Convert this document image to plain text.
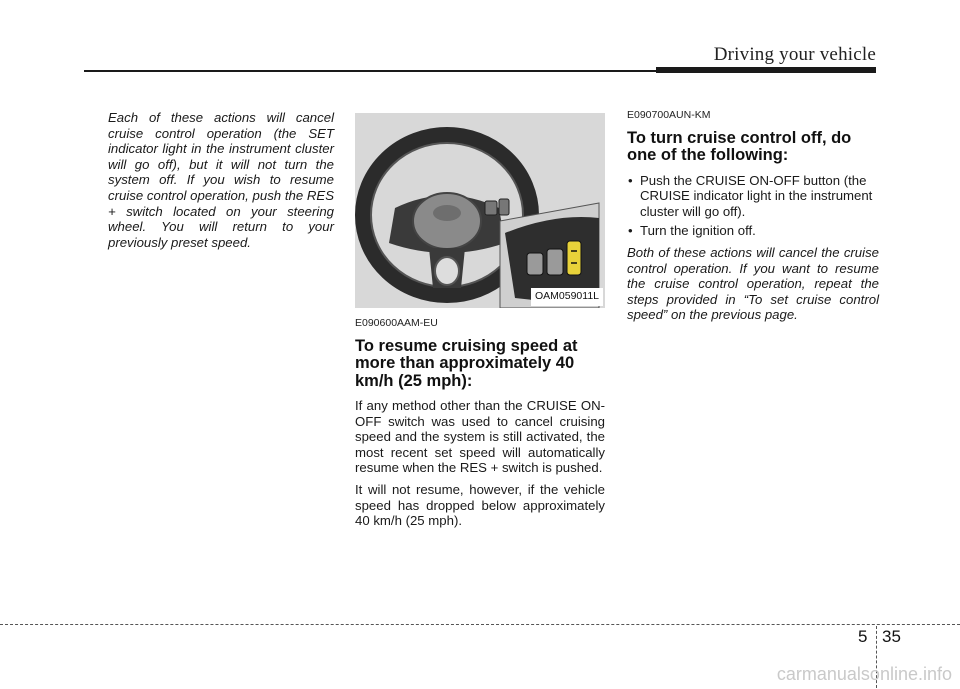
Driving your vehicle

Each of these actions will cancel cruise control operation (the SET indicator light in the instrument cluster will go off), but it will not turn the system off. If you wish to resume cruise control operation, push the RES + switch located on your steering wheel. You will return to your previously preset speed.

OAM059011L
E090600AAM-EU
To resume cruising speed at more than approximately 40 km/h (25 mph):

If any method other than the CRUISE ON-OFF switch was used to cancel cruising speed and the system is still activated, the most recent set speed will automatically resume when the RES + switch is pushed.

It will not resume, however, if the vehicle speed has dropped below approximately 40 km/h (25 mph).

E090700AUN-KM
To turn cruise control off, do one of the following:
• Push the CRUISE ON-OFF button (the CRUISE indicator light in the instrument cluster will go off).
• Turn the ignition off.

Both of these actions will cancel the cruise control operation. If you want to resume the cruise control operation, repeat the steps provided in “To set cruise control speed” on the previous page.

5 35
carmanualsonline.info
